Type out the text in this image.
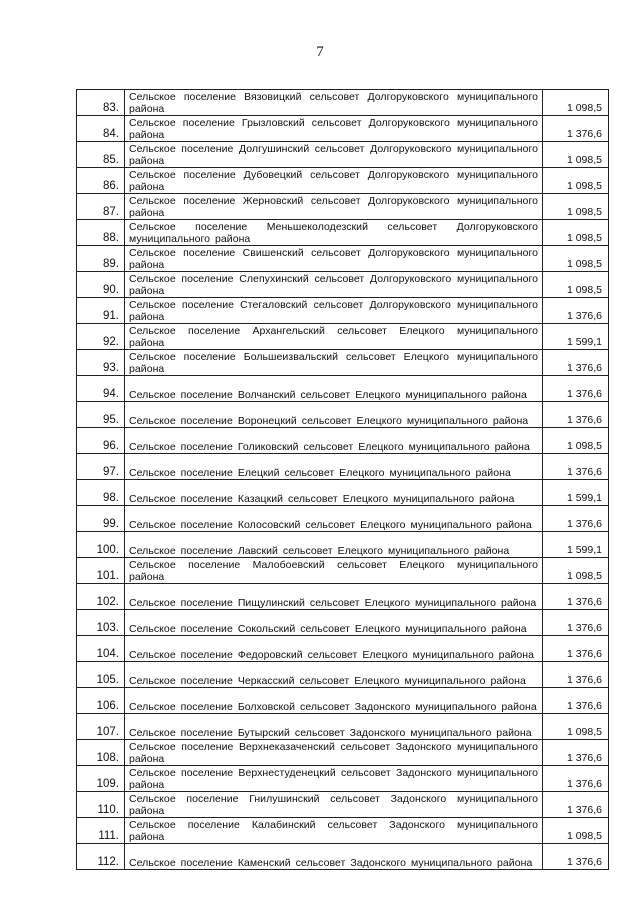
7
83.	Сельское поселение Вязовицкий сельсовет Долгоруковского муниципального района	1 098,5
84.	Сельское поселение Грызловский сельсовет Долгоруковского муниципального района	1 376,6
85.	Сельское поселение Долгушинский сельсовет Долгоруковского муниципального района	1 098,5
86.	Сельское поселение Дубовецкий сельсовет Долгоруковского муниципального района	1 098,5
87.	Сельское поселение Жерновский сельсовет Долгоруковского муниципального района	1 098,5
88.	Сельское поселение Меньшеколодезский сельсовет Долгоруковского муниципального района	1 098,5
89.	Сельское поселение Свишенский сельсовет Долгоруковского муниципального района	1 098,5
90.	Сельское поселение Слепухинский сельсовет Долгоруковского муниципального района	1 098,5
91.	Сельское поселение Стегаловский сельсовет Долгоруковского муниципального района	1 376,6
92.	Сельское поселение Архангельский сельсовет Елецкого муниципального района	1 599,1
93.	Сельское поселение Большеизвальский сельсовет Елецкого муниципального района	1 376,6
94.	Сельское поселение Волчанский сельсовет Елецкого муниципального района	1 376,6
95.	Сельское поселение Воронецкий сельсовет Елецкого муниципального района	1 376,6
96.	Сельское поселение Голиковский сельсовет Елецкого муниципального района	1 098,5
97.	Сельское поселение Елецкий сельсовет Елецкого муниципального района	1 376,6
98.	Сельское поселение Казацкий сельсовет Елецкого муниципального района	1 599,1
99.	Сельское поселение Колосовский сельсовет Елецкого муниципального района	1 376,6
100.	Сельское поселение Лавский сельсовет Елецкого муниципального района	1 599,1
101.	Сельское поселение Малобоевский сельсовет Елецкого муниципального района	1 098,5
102.	Сельское поселение Пищулинский сельсовет Елецкого муниципального района	1 376,6
103.	Сельское поселение Сокольский сельсовет Елецкого муниципального района	1 376,6
104.	Сельское поселение Федоровский сельсовет Елецкого муниципального района	1 376,6
105.	Сельское поселение Черкасский сельсовет Елецкого муниципального района	1 376,6
106.	Сельское поселение Болховской сельсовет Задонского муниципального района	1 376,6
107.	Сельское поселение Бутырский сельсовет Задонского муниципального района	1 098,5
108.	Сельское поселение Верхнеказаченский сельсовет Задонского муниципального района	1 376,6
109.	Сельское поселение Верхнестуденецкий сельсовет Задонского муниципального района	1 376,6
110.	Сельское поселение Гнилушинский сельсовет Задонского муниципального района	1 376,6
111.	Сельское поселение Калабинский сельсовет Задонского муниципального района	1 098,5
112.	Сельское поселение Каменский сельсовет Задонского муниципального района	1 376,6
